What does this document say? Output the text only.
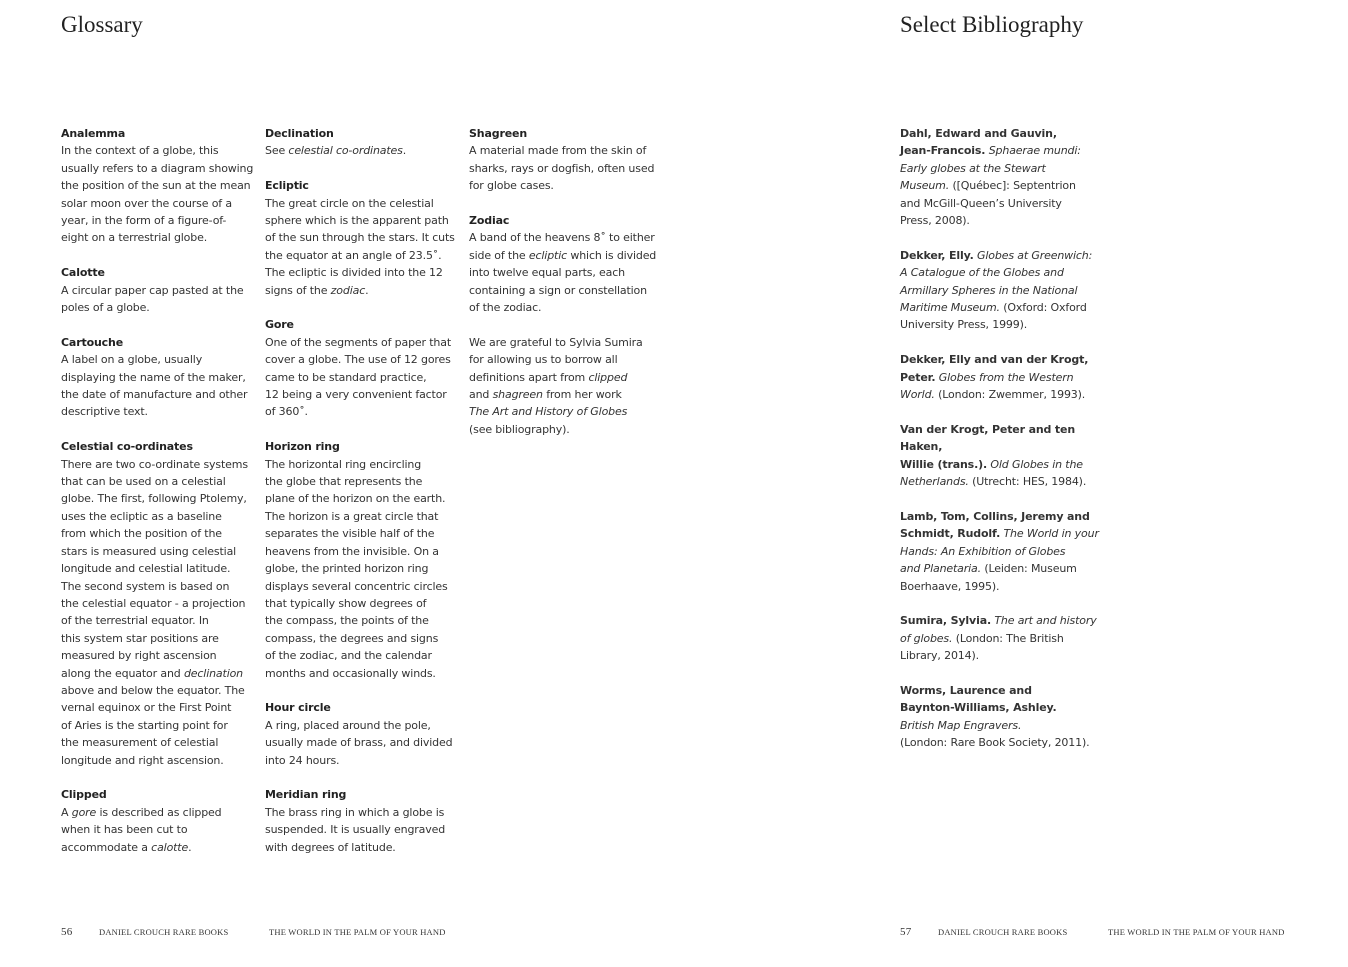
Glossary
Analemma
In the context of a globe, this
usually refers to a diagram showing
the position of the sun at the mean
solar moon over the course of a
year, in the form of a figure-of-
eight on a terrestrial globe.
Calotte
A circular paper cap pasted at the
poles of a globe.
Cartouche
A label on a globe, usually
displaying the name of the maker,
the date of manufacture and other
descriptive text.
Celestial co-ordinates
There are two co-ordinate systems
that can be used on a celestial
globe. The first, following Ptolemy,
uses the ecliptic as a baseline
from which the position of the
stars is measured using celestial
longitude and celestial latitude.
The second system is based on
the celestial equator - a projection
of the terrestrial equator. In
this system star positions are
measured by right ascension
along the equator and declination
above and below the equator. The
vernal equinox or the First Point
of Aries is the starting point for
the measurement of celestial
longitude and right ascension.
Clipped
A gore is described as clipped
when it has been cut to
accommodate a calotte.
Declination
See celestial co-ordinates.
Ecliptic
The great circle on the celestial
sphere which is the apparent path
of the sun through the stars. It cuts
the equator at an angle of 23.5˚.
The ecliptic is divided into the 12
signs of the zodiac.
Gore
One of the segments of paper that
cover a globe. The use of 12 gores
came to be standard practice,
12 being a very convenient factor
of 360˚.
Horizon ring
The horizontal ring encircling
the globe that represents the
plane of the horizon on the earth.
The horizon is a great circle that
separates the visible half of the
heavens from the invisible. On a
globe, the printed horizon ring
displays several concentric circles
that typically show degrees of
the compass, the points of the
compass, the degrees and signs
of the zodiac, and the calendar
months and occasionally winds.
Hour circle
A ring, placed around the pole,
usually made of brass, and divided
into 24 hours.
Meridian ring
The brass ring in which a globe is
suspended. It is usually engraved
with degrees of latitude.
Shagreen
A material made from the skin of
sharks, rays or dogfish, often used
for globe cases.
Zodiac
A band of the heavens 8˚ to either
side of the ecliptic which is divided
into twelve equal parts, each
containing a sign or constellation
of the zodiac.
We are grateful to Sylvia Sumira
for allowing us to borrow all
definitions apart from clipped
and shagreen from her work
The Art and History of Globes
(see bibliography).
56	DANIEL CROUCH RARE BOOKS	THE WORLD IN THE PALM OF YOUR HAND
Select Bibliography
Dahl, Edward and Gauvin,
Jean-Francois. Sphaerae mundi:
Early globes at the Stewart
Museum. ([Québec]: Septentrion
and McGill-Queen’s University
Press, 2008).
Dekker, Elly. Globes at Greenwich:
A Catalogue of the Globes and
Armillary Spheres in the National
Maritime Museum. (Oxford: Oxford
University Press, 1999).
Dekker, Elly and van der Krogt,
Peter. Globes from the Western
World. (London: Zwemmer, 1993).
Van der Krogt, Peter and ten Haken,
Willie (trans.). Old Globes in the
Netherlands. (Utrecht: HES, 1984).
Lamb, Tom, Collins, Jeremy and
Schmidt, Rudolf. The World in your
Hands: An Exhibition of Globes
and Planetaria. (Leiden: Museum
Boerhaave, 1995).
Sumira, Sylvia. The art and history
of globes. (London: The British
Library, 2014).
Worms, Laurence and
Baynton-Williams, Ashley.
British Map Engravers.
(London: Rare Book Society, 2011).
57	DANIEL CROUCH RARE BOOKS	THE WORLD IN THE PALM OF YOUR HAND
